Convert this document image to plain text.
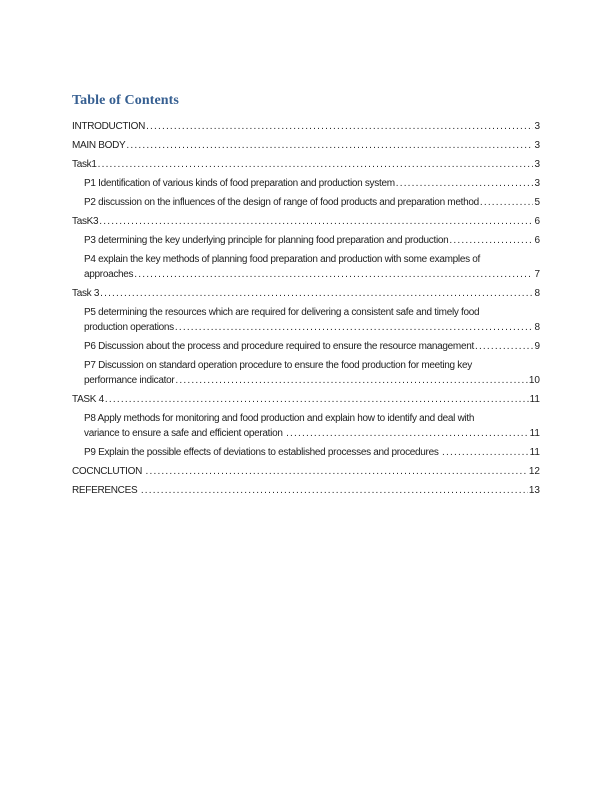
Table of Contents
INTRODUCTION .....	3
MAIN BODY .....	3
Task1 .....	3
P1 Identification of various kinds of food preparation and production system .....	3
P2 discussion on the influences of the design of range of food products and preparation method .....	5
TasK3 .....	6
P3 determining the key underlying principle for planning food preparation and production .....	6
P4 explain the key methods of planning food preparation and production with some examples of
approaches .....	7
Task 3 .....	8
P5 determining the resources which are required for delivering a consistent safe and timely food
production operations .....	8
P6 Discussion about the process and procedure required to ensure the resource management .....	9
P7 Discussion on standard operation procedure to ensure the food production for meeting key
performance indicator .....	10
TASK 4 .....	11
P8 Apply methods for monitoring and food production and explain how to identify and deal with
variance to ensure a safe and efficient operation .....	11
P9 Explain the possible effects of deviations to established processes and procedures .....	11
COCNCLUTION .....	12
REFERENCES .....	13
